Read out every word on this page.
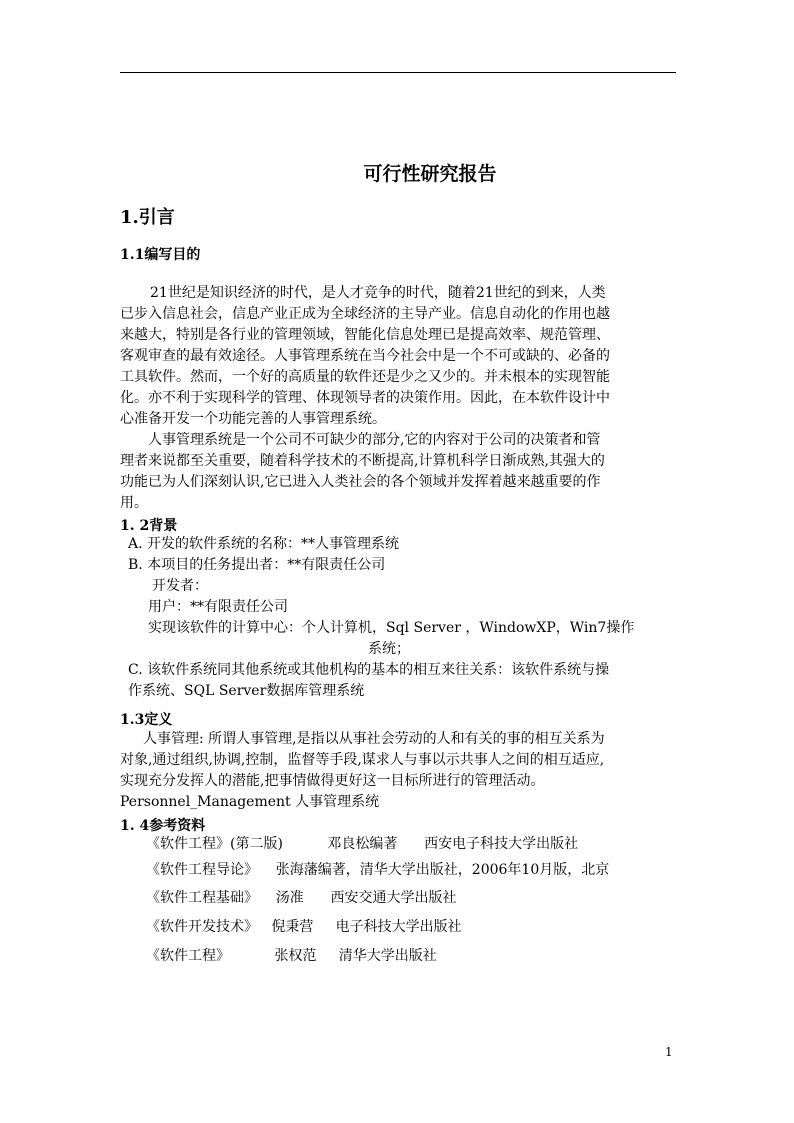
可行性研究报告
1.引言
1.1编写目的
21世纪是知识经济的时代，是人才竞争的时代，随着21世纪的到来，人类
已步入信息社会，信息产业正成为全球经济的主导产业。信息自动化的作用也越
来越大，特别是各行业的管理领域，智能化信息处理已是提高效率、规范管理、
客观审查的最有效途径。人事管理系统在当今社会中是一个不可或缺的、必备的
工具软件。然而，一个好的高质量的软件还是少之又少的。并未根本的实现智能
化。亦不利于实现科学的管理、体现领导者的决策作用。因此，在本软件设计中
心准备开发一个功能完善的人事管理系统。
人事管理系统是一个公司不可缺少的部分,它的内容对于公司的决策者和管
理者来说都至关重要，随着科学技术的不断提高,计算机科学日渐成熟,其强大的
功能已为人们深刻认识,它已进入人类社会的各个领域并发挥着越来越重要的作
用。
1. 2背景
A. 开发的软件系统的名称：**人事管理系统
B. 本项目的任务提出者：**有限责任公司
开发者：
用户：**有限责任公司
实现该软件的计算中心：个人计算机，Sql Server ，WindowXP，Win7操作
系统；
C. 该软件系统同其他系统或其他机构的基本的相互来往关系：该软件系统与操
作系统、SQL Server数据库管理系统
1.3定义
人事管理: 所谓人事管理,是指以从事社会劳动的人和有关的事的相互关系为
对象,通过组织,协调,控制，监督等手段,谋求人与事以示共事人之间的相互适应,
实现充分发挥人的潜能,把事情做得更好这一目标所进行的管理活动。
Personnel_Management 人事管理系统
1. 4参考资料
《软件工程》(第二版)          邓良松编著      西安电子科技大学出版社
《软件工程导论》    张海藩编著，清华大学出版社，2006年10月版，北京
《软件工程基础》    汤准      西安交通大学出版社
《软件开发技术》   倪秉营     电子科技大学出版社
《软件工程》          张权范     清华大学出版社
1
